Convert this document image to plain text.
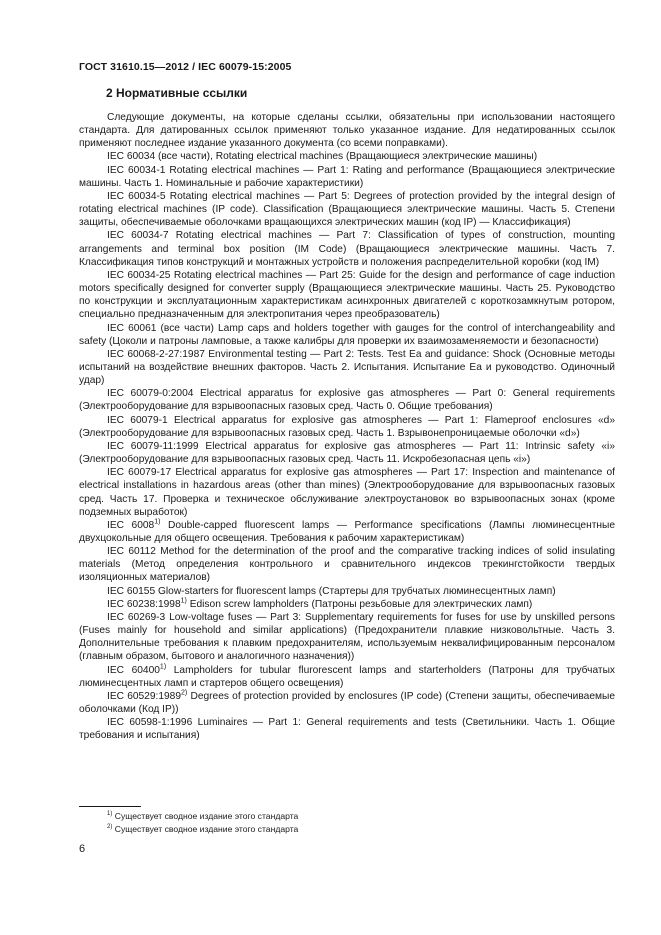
ГОСТ 31610.15—2012 / IEC 60079-15:2005
2 Нормативные ссылки

Следующие документы, на которые сделаны ссылки, обязательны при использовании настоящего стандарта. Для датированных ссылок применяют только указанное издание. Для недатированных ссылок применяют последнее издание указанного документа (со всеми поправками).

IEC 60034 (все части), Rotating electrical machines (Вращающиеся электрические машины)

IEC 60034-1 Rotating electrical machines — Part 1: Rating and performance (Вращающиеся электрические машины. Часть 1. Номинальные и рабочие характеристики)

IEC 60034-5 Rotating electrical machines — Part 5: Degrees of protection provided by the integral design of rotating electrical machines (IP code). Classification (Вращающиеся электрические машины. Часть 5. Степени защиты, обеспечиваемые оболочками вращающихся электрических машин (код IP) — Классификация)

IEC 60034-7 Rotating electrical machines — Part 7: Classification of types of construction, mounting arrangements and terminal box position (IM Code) (Вращающиеся электрические машины. Часть 7. Классификация типов конструкций и монтажных устройств и положения распределительной коробки (код IM)

IEC 60034-25 Rotating electrical machines — Part 25: Guide for the design and performance of cage induction motors specifically designed for converter supply (Вращающиеся электрические машины. Часть 25. Руководство по конструкции и эксплуатационным характеристикам асинхронных двигателей с короткозамкнутым ротором, специально предназначенным для электропитания через преобразователь)

IEC 60061 (все части) Lamp caps and holders together with gauges for the control of interchangeability and safety (Цоколи и патроны ламповые, а также калибры для проверки их взаимозаменяемости и безопасности)

IEC 60068-2-27:1987 Environmental testing — Part 2: Tests. Test Ea and guidance: Shock (Основные методы испытаний на воздействие внешних факторов. Часть 2. Испытания. Испытание Еа и руководство. Одиночный удар)

IEC 60079-0:2004 Electrical apparatus for explosive gas atmospheres — Part 0: General requirements (Электрооборудование для взрывоопасных газовых сред. Часть 0. Общие требования)

IEC 60079-1 Electrical apparatus for explosive gas atmospheres — Part 1: Flameproof enclosures «d» (Электрооборудование для взрывоопасных газовых сред. Часть 1. Взрывонепроницаемые оболочки «d»)

IEC 60079-11:1999 Electrical apparatus for explosive gas atmospheres — Part 11: Intrinsic safety «i» (Электрооборудование для взрывоопасных газовых сред. Часть 11. Искробезопасная цепь «i»)

IEC 60079-17 Electrical apparatus for explosive gas atmospheres — Part 17: Inspection and maintenance of electrical installations in hazardous areas (other than mines) (Электрооборудование для взрывоопасных газовых сред. Часть 17. Проверка и техническое обслуживание электроустановок во взрывоопасных зонах (кроме подземных выработок)

IEC 6008$^{1)}$ Double-capped fluorescent lamps — Performance specifications (Лампы люминесцентные двухцокольные для общего освещения. Требования к рабочим характеристикам)

IEC 60112 Method for the determination of the proof and the comparative tracking indices of solid insulating materials (Метод определения контрольного и сравнительного индексов трекингстойкости твердых изоляционных материалов)

IEC 60155 Glow-starters for fluorescent lamps (Стартеры для трубчатых люминесцентных ламп)

IEC 60238:1998$^{1)}$ Edison screw lampholders (Патроны резьбовые для электрических ламп)

IEC 60269-3 Low-voltage fuses — Part 3: Supplementary requirements for fuses for use by unskilled persons (Fuses mainly for household and similar applications) (Предохранители плавкие низковольтные. Часть 3. Дополнительные требования к плавким предохранителям, используемым неквалифицированным персоналом (главным образом, бытового и аналогичного назначения))

IEC 60400$^{1)}$ Lampholders for tubular flurorescent lamps and starterholders (Патроны для трубчатых люминесцентных ламп и стартеров общего освещения)

IEC 60529:1989$^{2)}$ Degrees of protection provided by enclosures (IP code) (Степени защиты, обеспечиваемые оболочками (Код IP))

IEC 60598-1:1996 Luminaires — Part 1: General requirements and tests (Светильники. Часть 1. Общие требования и испытания)

$^{1)}$ Существует сводное издание этого стандарта
$^{2)}$ Существует сводное издание этого стандарта
6
